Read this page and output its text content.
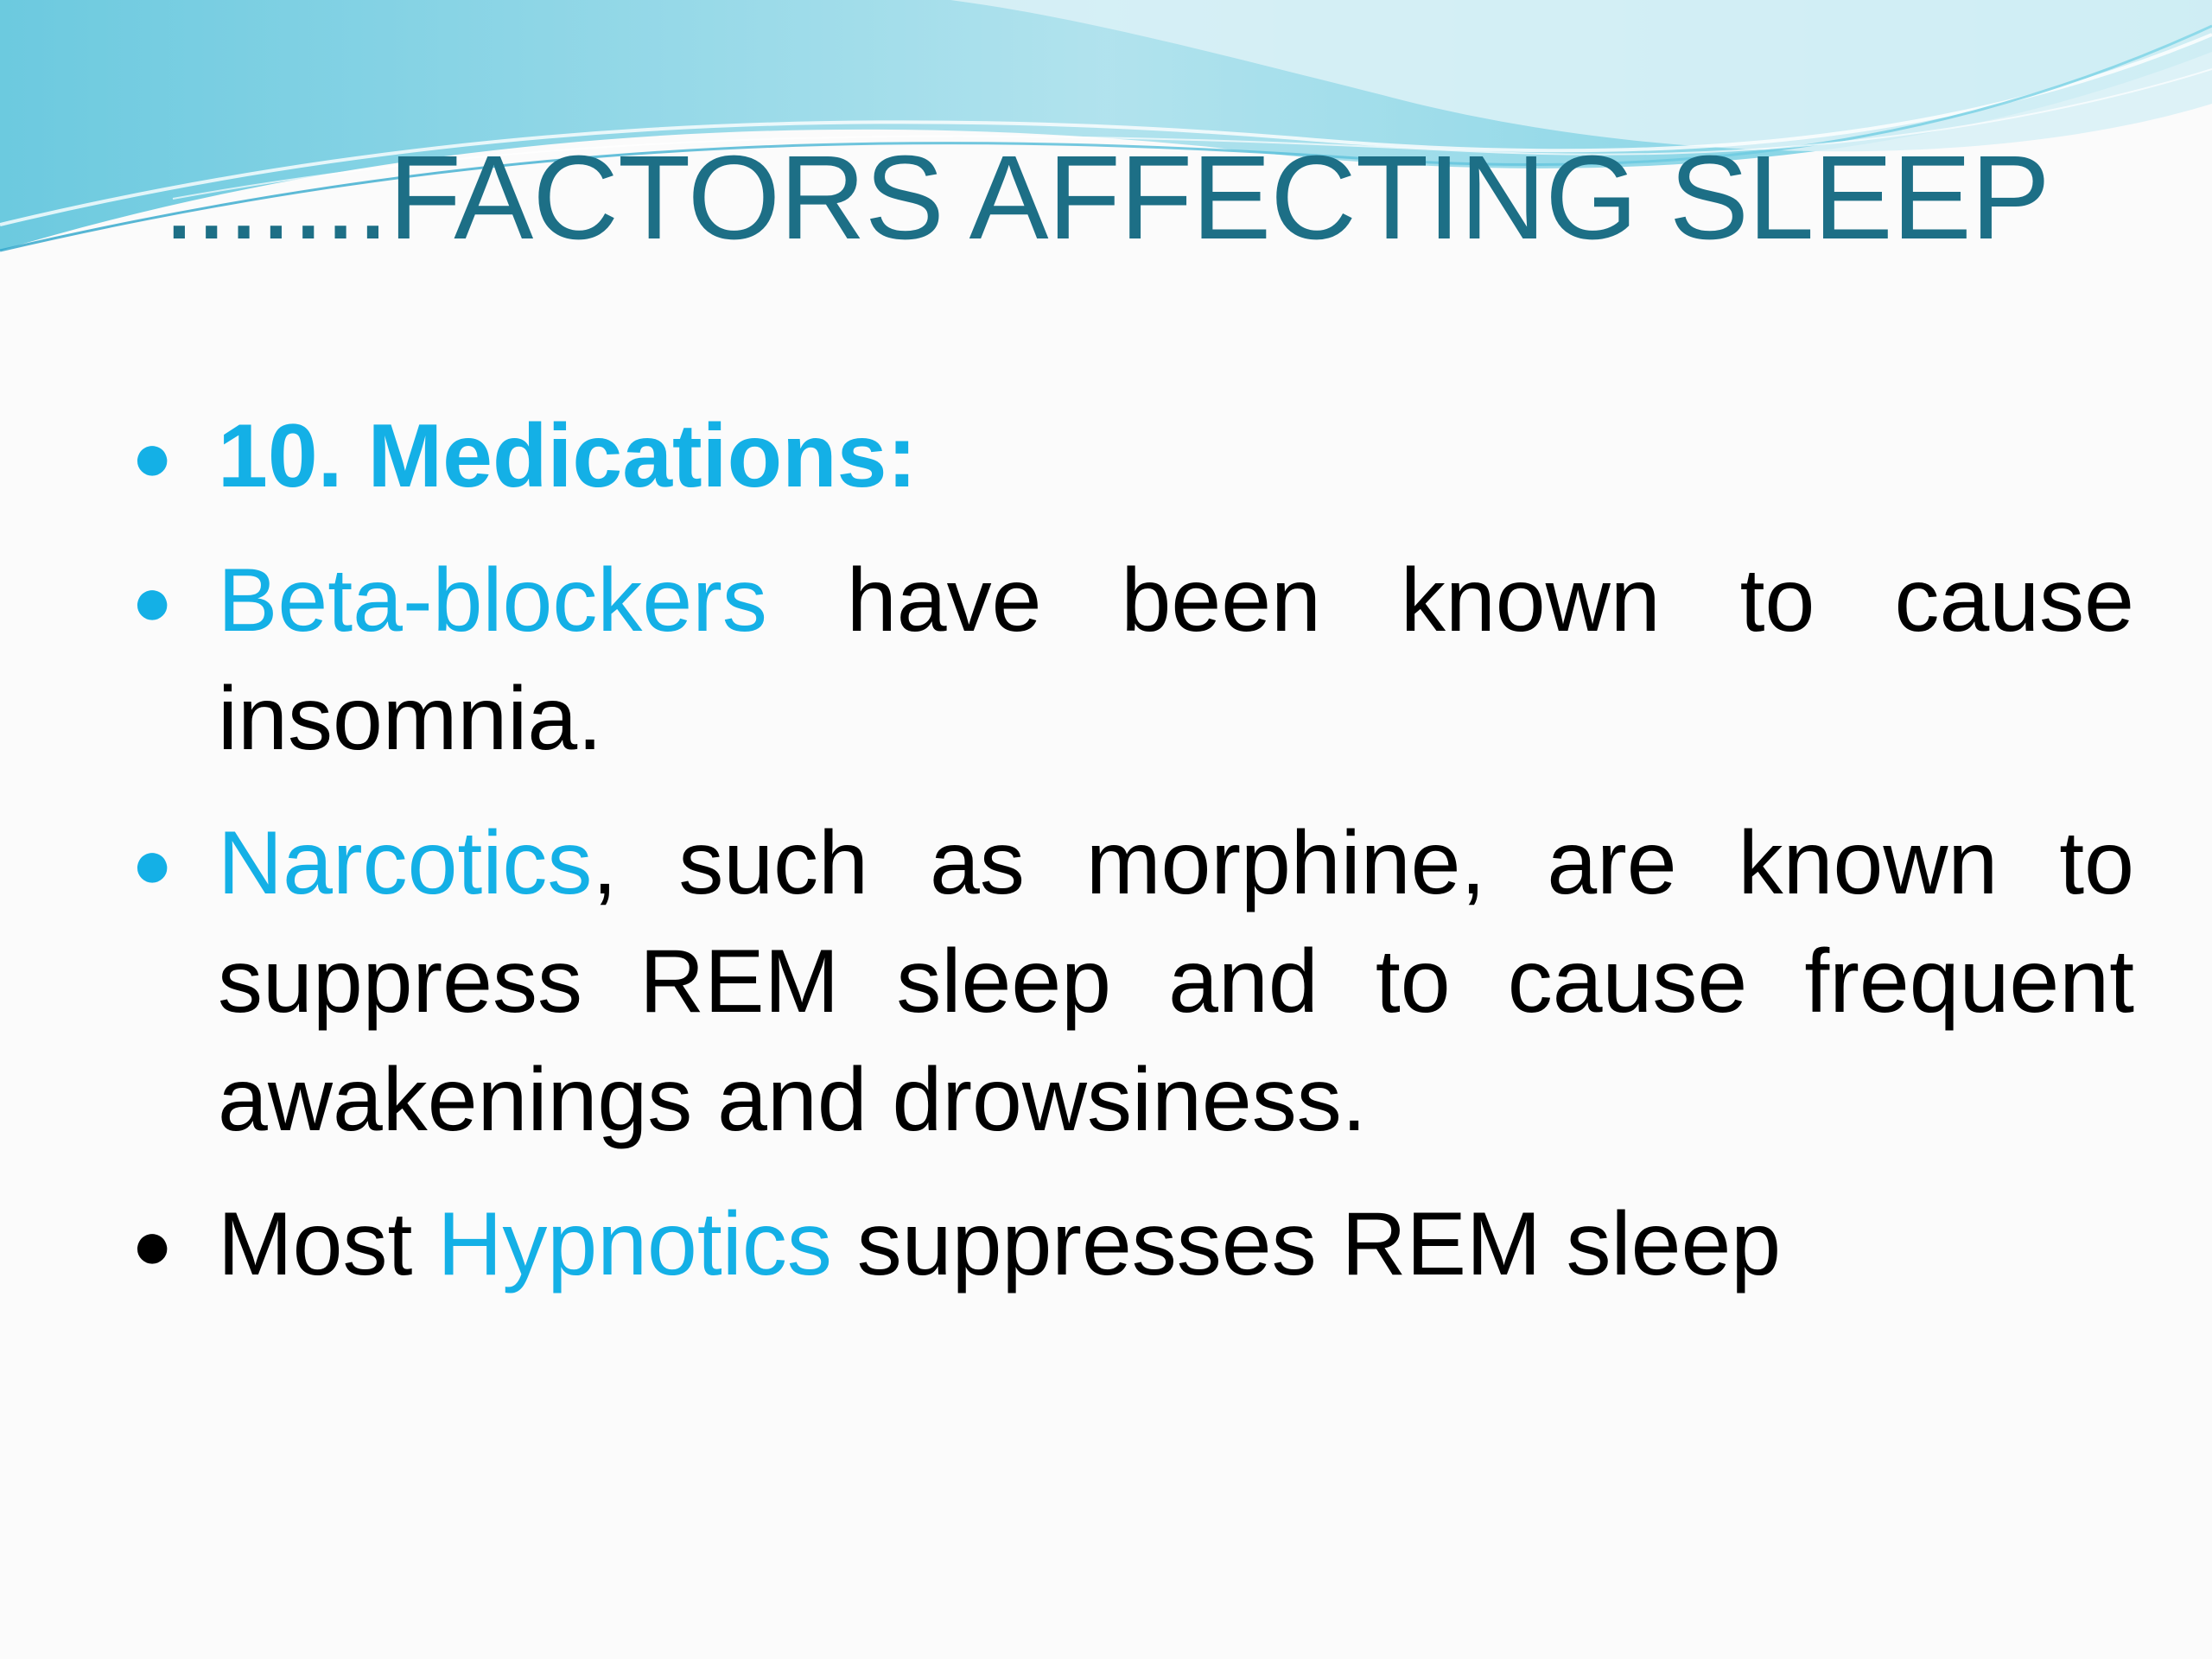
.......FACTORS AFFECTING SLEEP
● 10. Medications:
● Beta-blockers have been known to cause insomnia.
● Narcotics, such as morphine, are known to suppress REM sleep and to cause frequent awakenings and drowsiness.
● Most Hypnotics suppresses REM sleep
